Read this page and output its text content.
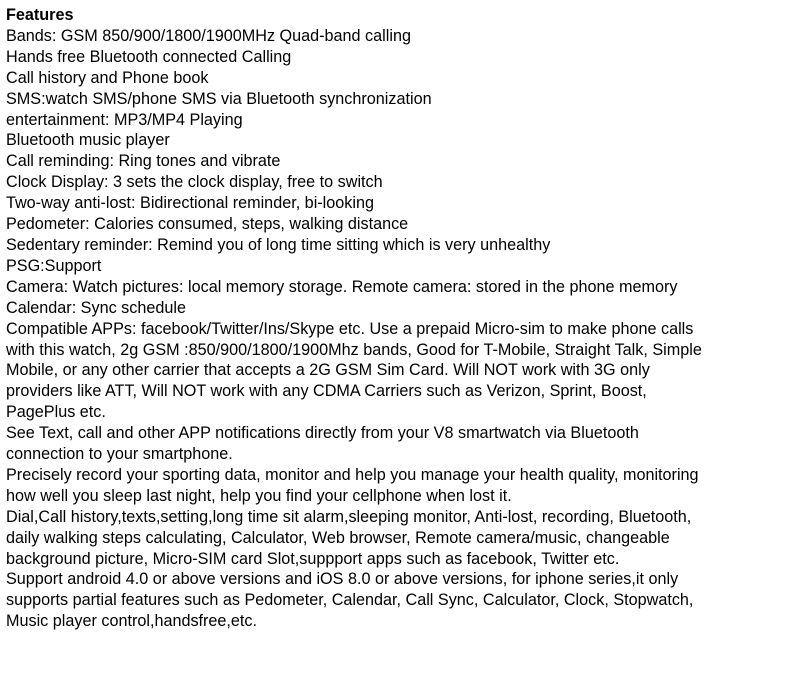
Features
Bands: GSM 850/900/1800/1900MHz Quad-band calling
Hands free Bluetooth connected Calling
Call history and Phone book
SMS:watch SMS/phone SMS via Bluetooth synchronization
entertainment: MP3/MP4 Playing
Bluetooth music player
Call reminding: Ring tones and vibrate
Clock Display: 3 sets the clock display, free to switch
Two-way anti-lost: Bidirectional reminder, bi-looking
Pedometer: Calories consumed, steps, walking distance
Sedentary reminder: Remind you of long time sitting which is very unhealthy
PSG:Support
Camera: Watch pictures: local memory storage. Remote camera: stored in the phone memory
Calendar: Sync schedule
Compatible APPs: facebook/Twitter/Ins/Skype etc. Use a prepaid Micro-sim to make phone calls
with this watch, 2g GSM :850/900/1800/1900Mhz bands, Good for T-Mobile, Straight Talk, Simple
Mobile, or any other carrier that accepts a 2G GSM Sim Card. Will NOT work with 3G only
providers like ATT, Will NOT work with any CDMA Carriers such as Verizon, Sprint, Boost,
PagePlus etc.
See Text, call and other APP notifications directly from your V8 smartwatch via Bluetooth
connection to your smartphone.
Precisely record your sporting data, monitor and help you manage your health quality, monitoring
how well you sleep last night, help you find your cellphone when lost it.
Dial,Call history,texts,setting,long time sit alarm,sleeping monitor, Anti-lost, recording, Bluetooth,
daily walking steps calculating, Calculator, Web browser, Remote camera/music, changeable
background picture, Micro-SIM card Slot,suppport apps such as facebook, Twitter etc.
Support android 4.0 or above versions and iOS 8.0 or above versions, for iphone series,it only
supports partial features such as Pedometer, Calendar, Call Sync, Calculator, Clock, Stopwatch,
Music player control,handsfree,etc.
